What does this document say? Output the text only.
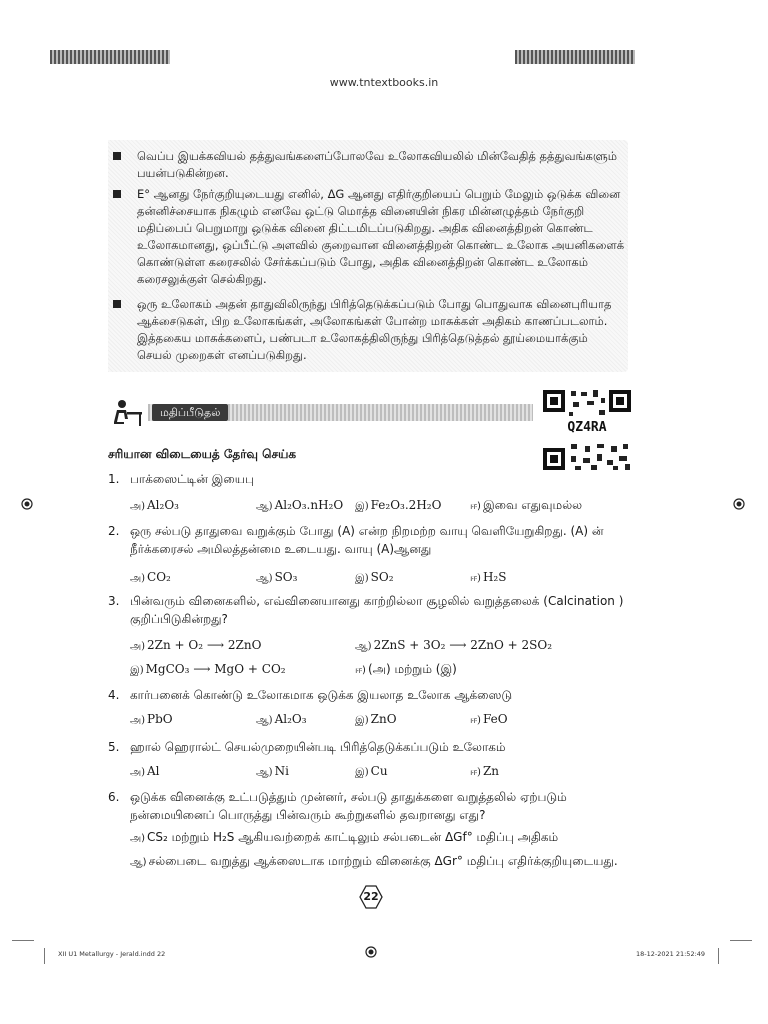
www.tntextbooks.in
வெப்ப இயக்கவியல் தத்துவங்களைப்போலவே உலோகவியலில் மின்வேதித் தத்துவங்களும் பயன்படுகின்றன.
E° ஆனது நேர்குறியுடையது எனில், ΔG ஆனது எதிர்குறியைப் பெறும் மேலும் ஒடுக்க வினை தன்னிச்சையாக நிகழும் எனவே ஒட்டு மொத்த வினையின் நிகர மின்னழுத்தம் நேர்குறி மதிப்பைப் பெறுமாறு ஒடுக்க வினை திட்டமிடப்படுகிறது. அதிக வினைத்திறன் கொண்ட உலோகமானது, ஒப்பீட்டு அளவில் குறைவான வினைத்திறன் கொண்ட உலோக அயனிகளைக் கொண்டுள்ள கரைசலில் சேர்க்கப்படும் போது, அதிக வினைத்திறன் கொண்ட உலோகம் கரைசலுக்குள் செல்கிறது.
ஒரு உலோகம் அதன் தாதுவிலிருந்து பிரித்தெடுக்கப்படும் போது பொதுவாக வினைபுரியாத ஆக்சைடுகள், பிற உலோகங்கள், அலோகங்கள் போன்ற மாசுக்கள் அதிகம் காணப்படலாம். இத்தகைய மாசுக்களைப், பண்படா உலோகத்திலிருந்து பிரித்தெடுத்தல் தூய்மையாக்கும் செயல் முறைகள் எனப்படுகிறது.
மதிப்பீடுதல்
QZ4RA
சரியான விடையைத் தேர்வு செய்க
1. பாக்ஸைட்டின் இயைபு
அ) Al₂O₃	ஆ) Al₂O₃.nH₂O இ) Fe₂O₃.2H₂O	ஈ) இவை எதுவுமல்ல
2. ஒரு சல்படு தாதுவை வறுக்கும் போது (A) என்ற நிறமற்ற வாயு வெளியேறுகிறது. (A) ன் நீர்க்கரைசல் அமிலத்தன்மை உடையது. வாயு (A)ஆனது
அ) CO₂	ஆ) SO₃	இ) SO₂	ஈ) H₂S
3. பின்வரும் வினைகளில், எவ்வினையானது காற்றில்லா சூழலில் வறுத்தலைக் (Calcination ) குறிப்பிடுகின்றது?
அ) 2Zn + O₂ ⟶ 2ZnO	ஆ) 2ZnS + 3O₂ ⟶ 2ZnO + 2SO₂
இ) MgCO₃ ⟶ MgO + CO₂	ஈ) (அ) மற்றும் (இ)
4. கார்பனைக் கொண்டு உலோகமாக ஒடுக்க இயலாத உலோக ஆக்ஸைடு
அ) PbO	ஆ) Al₂O₃	இ) ZnO	ஈ) FeO
5. ஹால் ஹெரால்ட் செயல்முறையின்படி பிரித்தெடுக்கப்படும் உலோகம்
அ) Al	ஆ) Ni	இ) Cu	ஈ) Zn
6. ஒடுக்க வினைக்கு உட்படுத்தும் முன்னர், சல்படு தாதுக்களை வறுத்தலில் ஏற்படும் நன்மையினைப் பொருத்து பின்வரும் கூற்றுகளில் தவறானது எது?
அ) CS₂ மற்றும் H₂S ஆகியவற்றைக் காட்டிலும் சல்படைன் ΔGf° மதிப்பு அதிகம்
ஆ) சல்பைடை வறுத்து ஆக்ஸைடாக மாற்றும் வினைக்கு ΔGr° மதிப்பு எதிர்க்குறியுடையது.
22
XII U1 Metallurgy - Jerald.indd 22	18-12-2021 21:52:49
